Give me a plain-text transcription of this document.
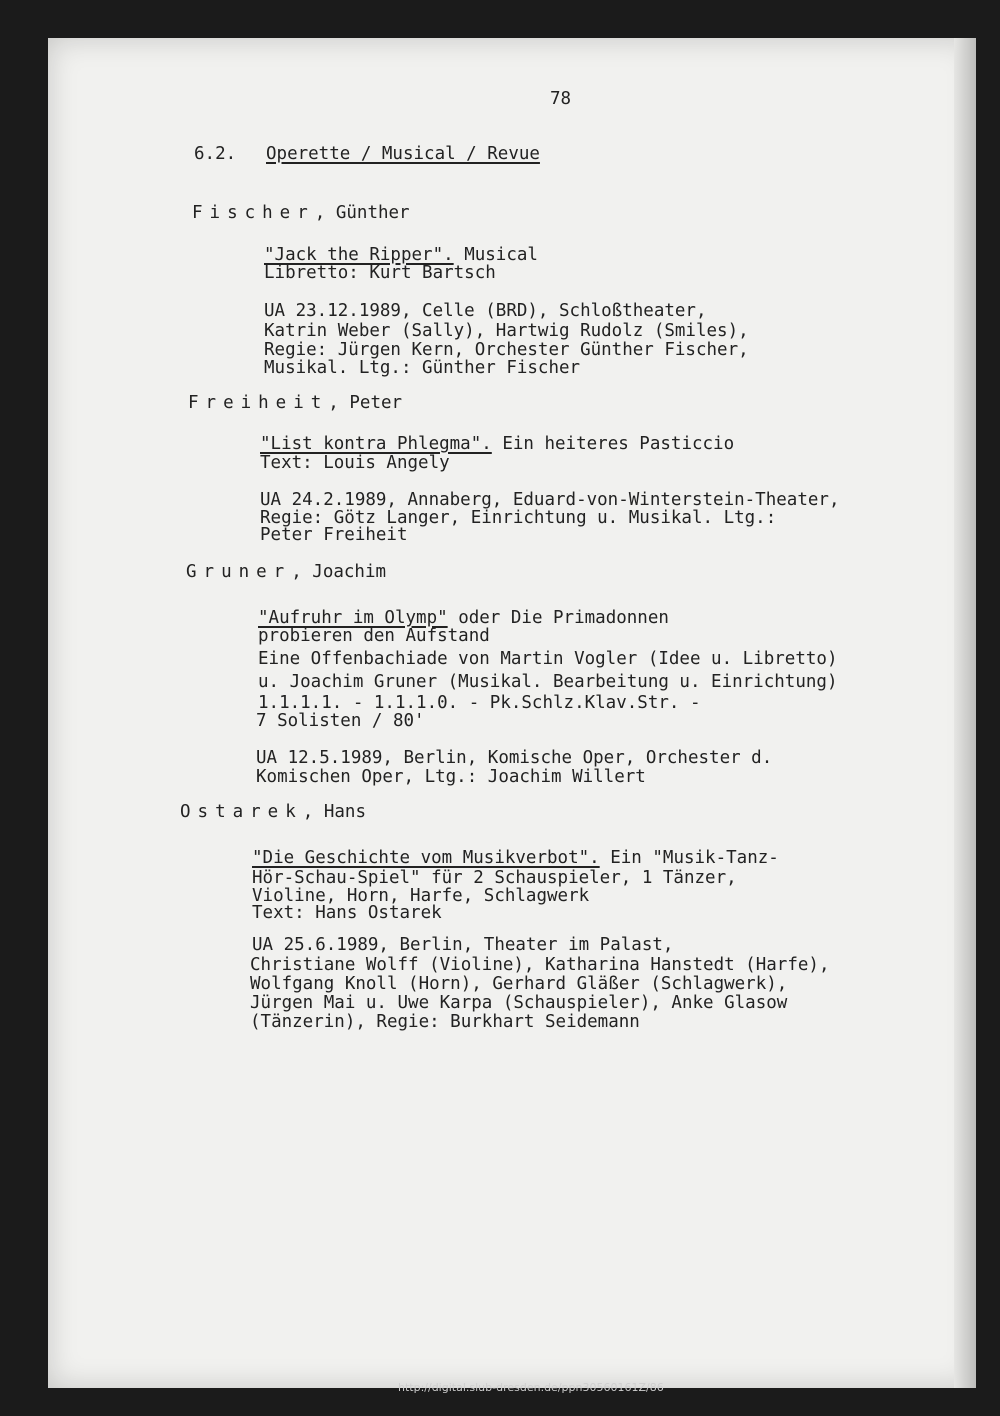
78
6.2. Operette / Musical / Revue
Fischer, Günther
"Jack the Ripper". Musical
Libretto: Kurt Bartsch
UA 23.12.1989, Celle (BRD), Schloßtheater,
Katrin Weber (Sally), Hartwig Rudolz (Smiles),
Regie: Jürgen Kern, Orchester Günther Fischer,
Musikal. Ltg.: Günther Fischer
Freiheit, Peter
"List kontra Phlegma". Ein heiteres Pasticcio
Text: Louis Angely
UA 24.2.1989, Annaberg, Eduard-von-Winterstein-Theater,
Regie: Götz Langer, Einrichtung u. Musikal. Ltg.:
Peter Freiheit
Gruner, Joachim
"Aufruhr im Olymp" oder Die Primadonnen
probieren den Aufstand
Eine Offenbachiade von Martin Vogler (Idee u. Libretto)
u. Joachim Gruner (Musikal. Bearbeitung u. Einrichtung)
1.1.1.1. - 1.1.1.0. - Pk.Schlz.Klav.Str. -
7 Solisten / 80'
UA 12.5.1989, Berlin, Komische Oper, Orchester d.
Komischen Oper, Ltg.: Joachim Willert
Ostarek, Hans
"Die Geschichte vom Musikverbot". Ein "Musik-Tanz-
Hör-Schau-Spiel" für 2 Schauspieler, 1 Tänzer,
Violine, Horn, Harfe, Schlagwerk
Text: Hans Ostarek
UA 25.6.1989, Berlin, Theater im Palast,
Christiane Wolff (Violine), Katharina Hanstedt (Harfe),
Wolfgang Knoll (Horn), Gerhard Gläßer (Schlagwerk),
Jürgen Mai u. Uwe Karpa (Schauspieler), Anke Glasow
(Tänzerin), Regie: Burkhart Seidemann
http://digital.slub-dresden.de/ppn30560161Z/86
